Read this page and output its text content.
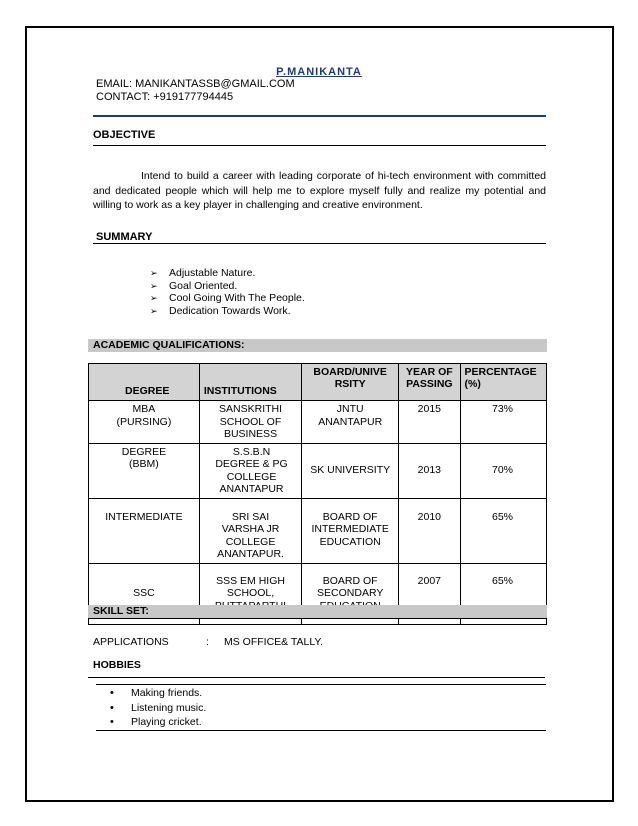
P.MANIKANTA
EMAIL: MANIKANTASSB@GMAIL.COM
CONTACT: +919177794445
OBJECTIVE
Intend to build a career with leading corporate of hi-tech environment with committed and dedicated people which will help me to explore myself fully and realize my potential and willing to work as a key player in challenging and creative environment.
SUMMARY
➢ Adjustable Nature.
➢ Goal Oriented.
➢ Cool Going With The People.
➢ Dedication Towards Work.
ACADEMIC QUALIFICATIONS:
DEGREE	INSTITUTIONS	BOARD/UNIVERSITY	YEAR OF PASSING	PERCENTAGE (%)
MBA (PURSING)	SANSKRITHI SCHOOL OF BUSINESS	JNTU ANANTAPUR	2015	73%
DEGREE (BBM)	S.S.B.N DEGREE & PG COLLEGE ANANTAPUR	SK UNIVERSITY	2013	70%
INTERMEDIATE	SRI SAI VARSHA JR COLLEGE ANANTAPUR.	BOARD OF INTERMEDIATE EDUCATION	2010	65%
SSC	SSS EM HIGH SCHOOL,	BOARD OF SECONDARY	2007	65%
SKILL SET:
APPLICATIONS	: MS OFFICE& TALLY.
HOBBIES
• Making friends.
• Listening music.
• Playing cricket.
